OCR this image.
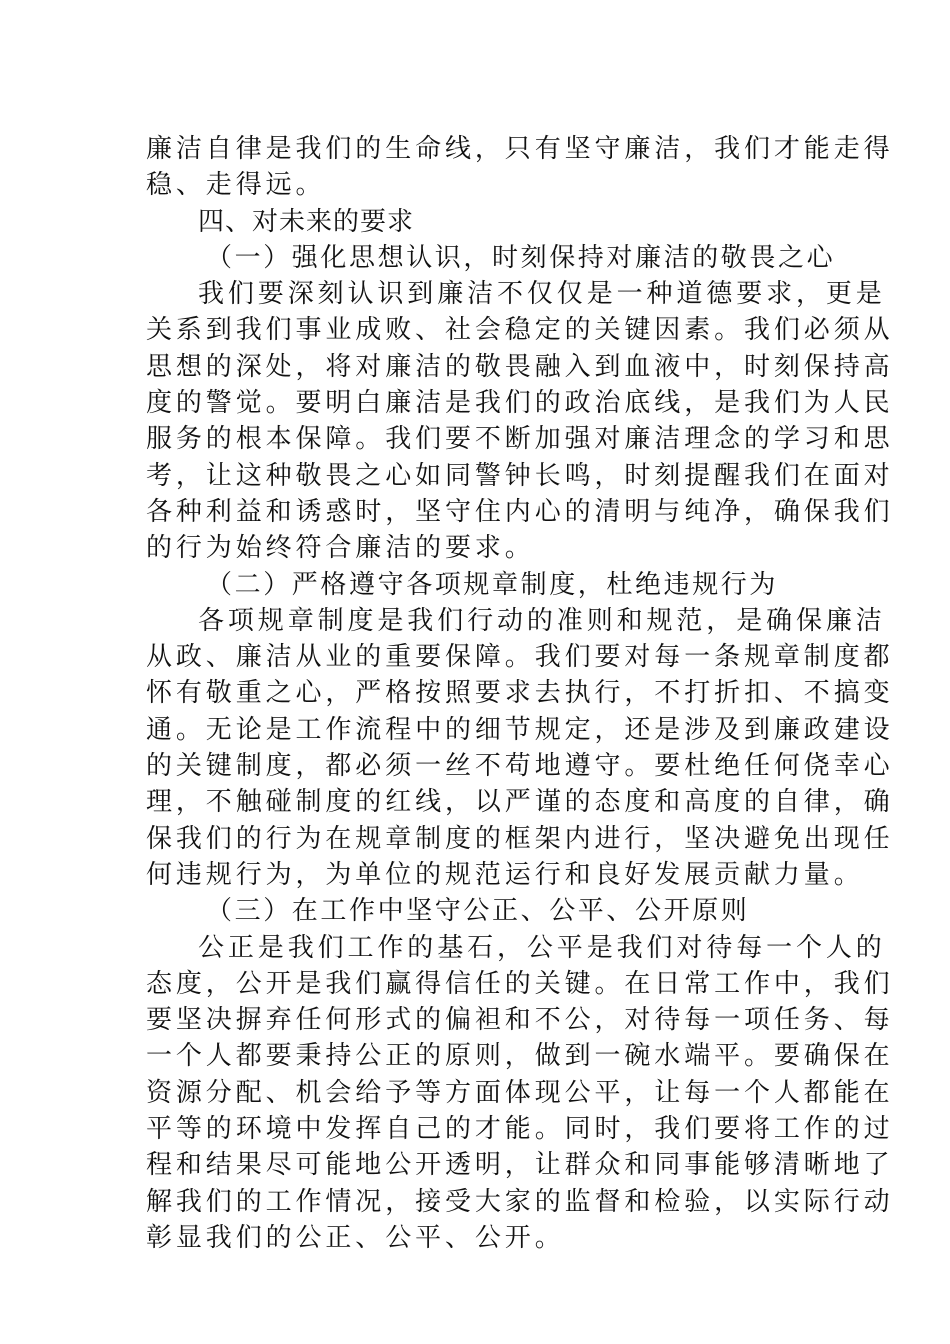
廉洁自律是我们的生命线，只有坚守廉洁，我们才能走得
稳、走得远。
四、对未来的要求
（一）强化思想认识，时刻保持对廉洁的敬畏之心
我们要深刻认识到廉洁不仅仅是一种道德要求，更是
关系到我们事业成败、社会稳定的关键因素。我们必须从
思想的深处，将对廉洁的敬畏融入到血液中，时刻保持高
度的警觉。要明白廉洁是我们的政治底线，是我们为人民
服务的根本保障。我们要不断加强对廉洁理念的学习和思
考，让这种敬畏之心如同警钟长鸣，时刻提醒我们在面对
各种利益和诱惑时，坚守住内心的清明与纯净，确保我们
的行为始终符合廉洁的要求。
（二）严格遵守各项规章制度，杜绝违规行为
各项规章制度是我们行动的准则和规范，是确保廉洁
从政、廉洁从业的重要保障。我们要对每一条规章制度都
怀有敬重之心，严格按照要求去执行，不打折扣、不搞变
通。无论是工作流程中的细节规定，还是涉及到廉政建设
的关键制度，都必须一丝不苟地遵守。要杜绝任何侥幸心
理，不触碰制度的红线，以严谨的态度和高度的自律，确
保我们的行为在规章制度的框架内进行，坚决避免出现任
何违规行为，为单位的规范运行和良好发展贡献力量。
（三）在工作中坚守公正、公平、公开原则
公正是我们工作的基石，公平是我们对待每一个人的
态度，公开是我们赢得信任的关键。在日常工作中，我们
要坚决摒弃任何形式的偏袒和不公，对待每一项任务、每
一个人都要秉持公正的原则，做到一碗水端平。要确保在
资源分配、机会给予等方面体现公平，让每一个人都能在
平等的环境中发挥自己的才能。同时，我们要将工作的过
程和结果尽可能地公开透明，让群众和同事能够清晰地了
解我们的工作情况，接受大家的监督和检验，以实际行动
彰显我们的公正、公平、公开。
